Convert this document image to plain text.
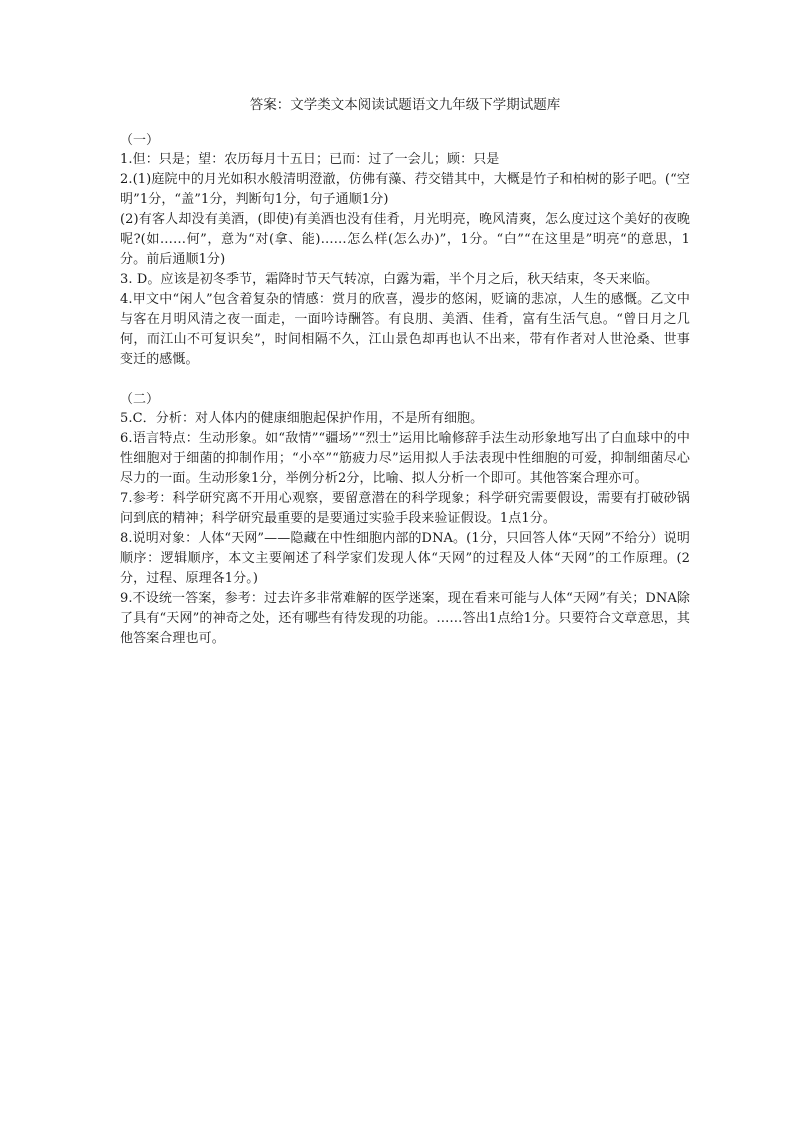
答案：文学类文本阅读试题语文九年级下学期试题库

（一）

1.但：只是；望：农历每月十五日；已而：过了一会儿；顾：只是

2.(1)庭院中的月光如积水般清明澄澈，仿佛有藻、荇交错其中，大概是竹子和柏树的影子吧。(“空明”1分，“盖”1分，判断句1分，句子通顺1分)

(2)有客人却没有美酒，(即使)有美酒也没有佳肴，月光明亮，晚风清爽，怎么度过这个美好的夜晚呢?(如……何”，意为“对(拿、能)……怎么样(怎么办)”，1分。“白”“在这里是”明亮“的意思，1分。前后通顺1分)

3. D。应该是初冬季节，霜降时节天气转凉，白露为霜，半个月之后，秋天结束，冬天来临。

4.甲文中“闲人”包含着复杂的情感：赏月的欣喜，漫步的悠闲，贬谪的悲凉，人生的感慨。乙文中与客在月明风清之夜一面走，一面吟诗酬答。有良朋、美酒、佳肴，富有生活气息。“曾日月之几何，而江山不可复识矣”，时间相隔不久，江山景色却再也认不出来，带有作者对人世沧桑、世事变迁的感慨。

（二）

5.C．分析：对人体内的健康细胞起保护作用，不是所有细胞。

6.语言特点：生动形象。如“敌情”“疆场”“烈士”运用比喻修辞手法生动形象地写出了白血球中的中性细胞对于细菌的抑制作用；“小卒”“筋疲力尽”运用拟人手法表现中性细胞的可爱，抑制细菌尽心尽力的一面。生动形象1分，举例分析2分，比喻、拟人分析一个即可。其他答案合理亦可。

7.参考：科学研究离不开用心观察，要留意潜在的科学现象；科学研究需要假设，需要有打破砂锅问到底的精神；科学研究最重要的是要通过实验手段来验证假设。1点1分。

8.说明对象：人体“天网”——隐藏在中性细胞内部的DNA。(1分，只回答人体“天网”不给分）说明顺序：逻辑顺序，本文主要阐述了科学家们发现人体“天网”的过程及人体“天网”的工作原理。(2分，过程、原理各1分。)

9.不设统一答案，参考：过去许多非常难解的医学迷案，现在看来可能与人体“天网”有关；DNA除了具有“天网”的神奇之处，还有哪些有待发现的功能。……答出1点给1分。只要符合文章意思，其他答案合理也可。
